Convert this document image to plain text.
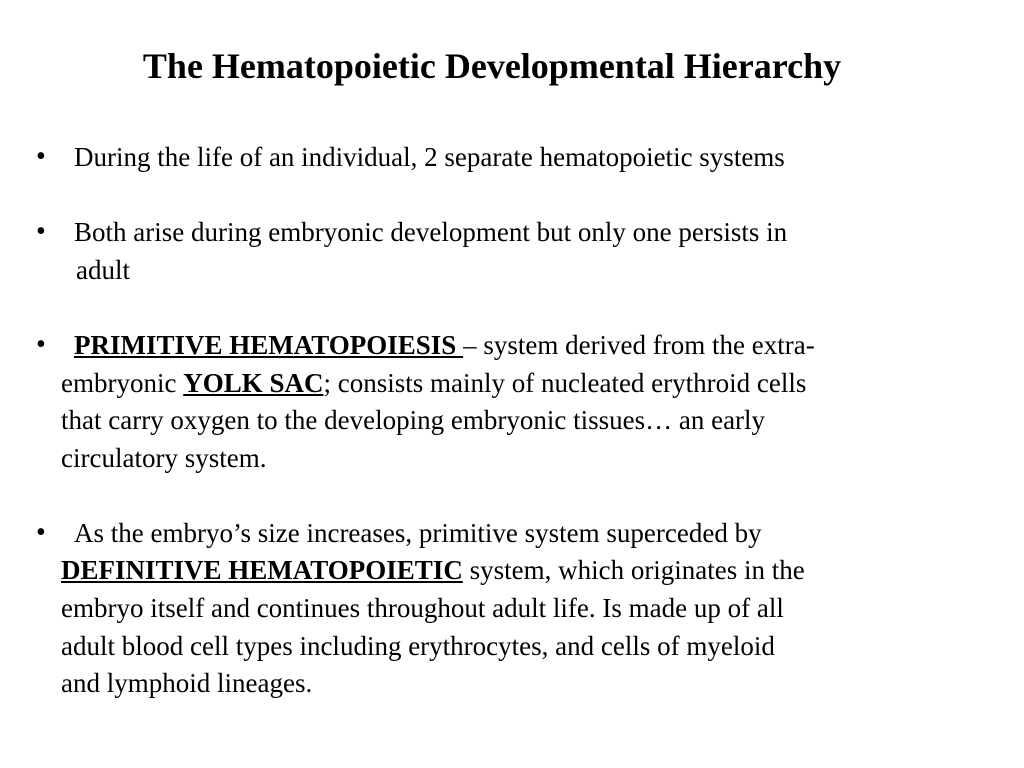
The Hematopoietic Developmental Hierarchy
• During the life of an individual, 2 separate hematopoietic systems
• Both arise during embryonic development but only one persists in
adult
• PRIMITIVE HEMATOPOIESIS – system derived from the extra-
embryonic YOLK SAC; consists mainly of nucleated erythroid cells
that carry oxygen to the developing embryonic tissues… an early
circulatory system.
• As the embryo’s size increases, primitive system superceded by
DEFINITIVE HEMATOPOIETIC system, which originates in the
embryo itself and continues throughout adult life. Is made up of all
adult blood cell types including erythrocytes, and cells of myeloid
and lymphoid lineages.
